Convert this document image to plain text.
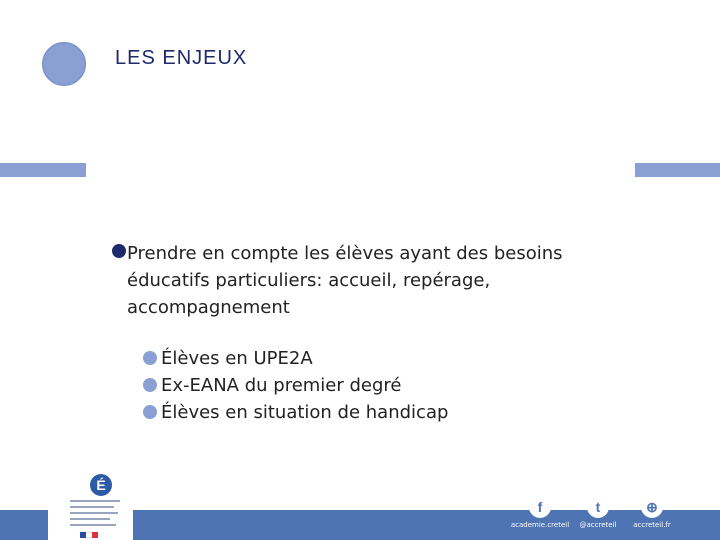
LES ENJEUX
Prendre en compte les élèves ayant des besoins éducatifs particuliers: accueil, repérage, accompagnement
Élèves en UPE2A
Ex-EANA du premier degré
Élèves en situation de handicap
É
f
academie.creteil
t
@accreteil
⊕
accreteil.fr
